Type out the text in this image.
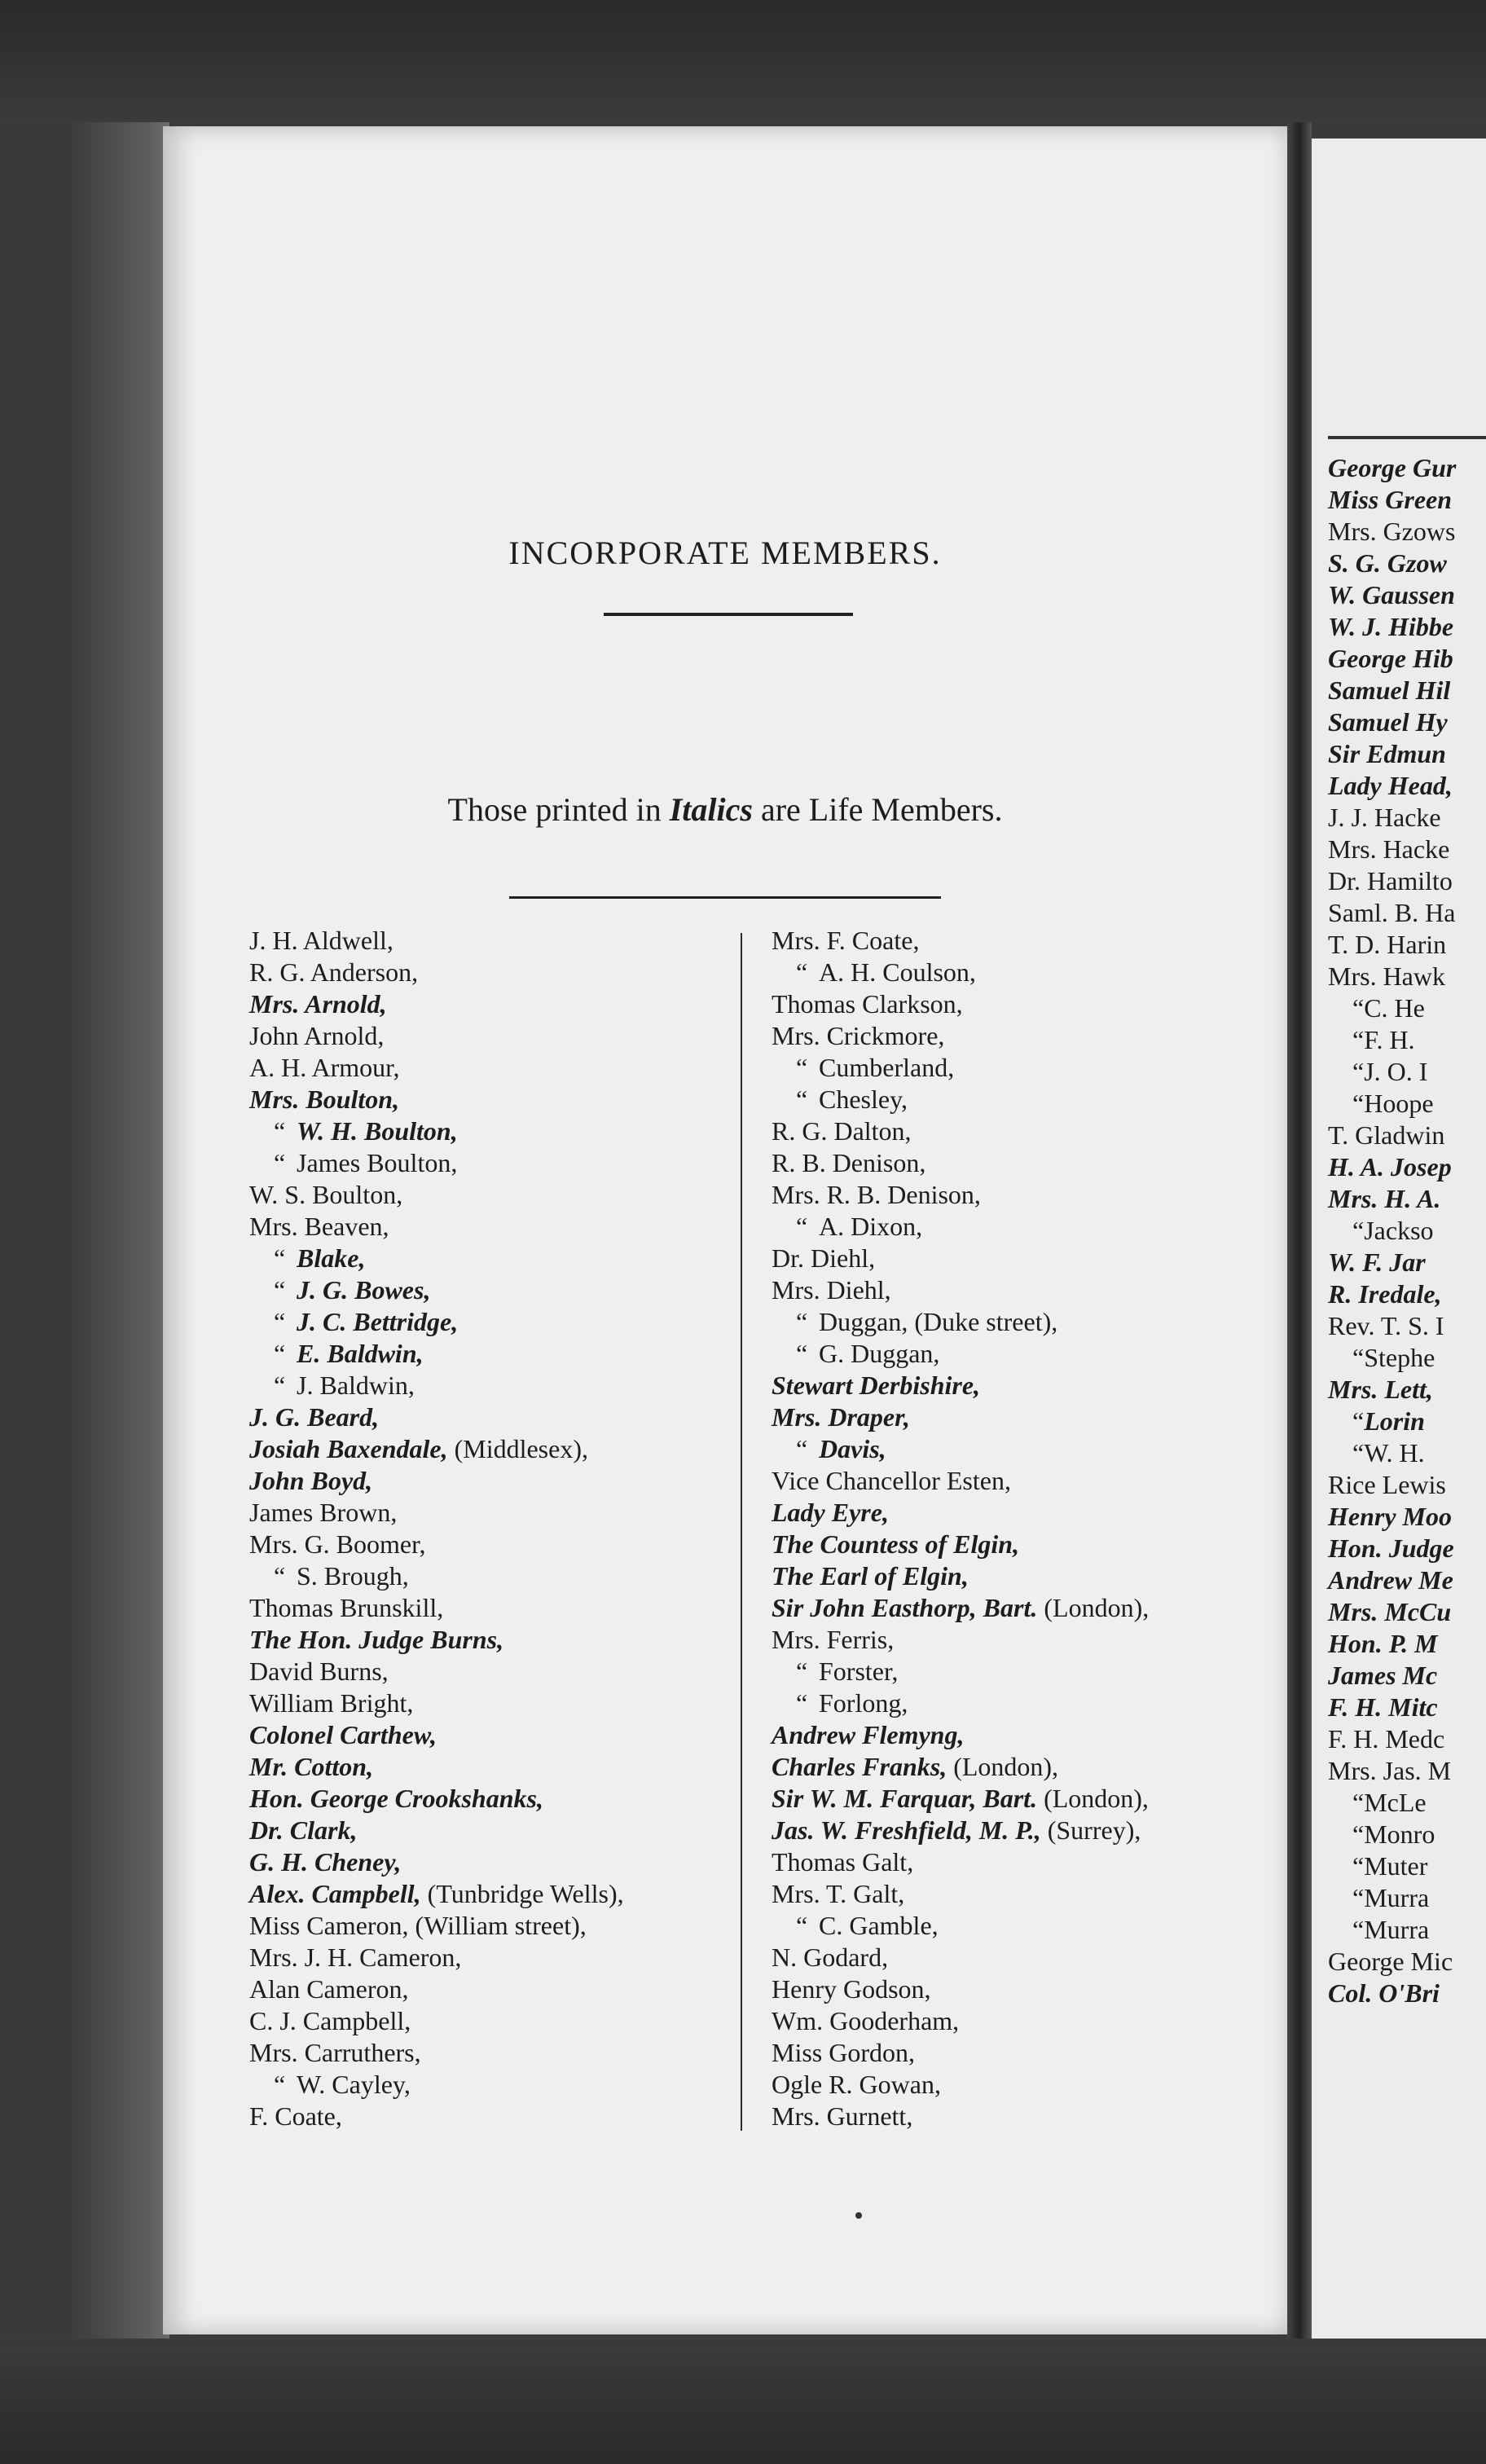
INCORPORATE MEMBERS.
Those printed in Italics are Life Members.
J. H. Aldwell,
R. G. Anderson,
Mrs. Arnold,
John Arnold,
A. H. Armour,
Mrs. Boulton,
“ W. H. Boulton,
“ James Boulton,
W. S. Boulton,
Mrs. Beaven,
“ Blake,
“ J. G. Bowes,
“ J. C. Bettridge,
“ E. Baldwin,
“ J. Baldwin,
J. G. Beard,
Josiah Baxendale, (Middlesex),
John Boyd,
James Brown,
Mrs. G. Boomer,
“ S. Brough,
Thomas Brunskill,
The Hon. Judge Burns,
David Burns,
William Bright,
Colonel Carthew,
Mr. Cotton,
Hon. George Crookshanks,
Dr. Clark,
G. H. Cheney,
Alex. Campbell, (Tunbridge Wells),
Miss Cameron, (William street),
Mrs. J. H. Cameron,
Alan Cameron,
C. J. Campbell,
Mrs. Carruthers,
“ W. Cayley,
F. Coate,
Mrs. F. Coate,
“ A. H. Coulson,
Thomas Clarkson,
Mrs. Crickmore,
“ Cumberland,
“ Chesley,
R. G. Dalton,
R. B. Denison,
Mrs. R. B. Denison,
“ A. Dixon,
Dr. Diehl,
Mrs. Diehl,
“ Duggan, (Duke street),
“ G. Duggan,
Stewart Derbishire,
Mrs. Draper,
“ Davis,
Vice Chancellor Esten,
Lady Eyre,
The Countess of Elgin,
The Earl of Elgin,
Sir John Easthorp, Bart. (London),
Mrs. Ferris,
“ Forster,
“ Forlong,
Andrew Flemyng,
Charles Franks, (London),
Sir W. M. Farquar, Bart. (London),
Jas. W. Freshfield, M. P., (Surrey),
Thomas Galt,
Mrs. T. Galt,
“ C. Gamble,
N. Godard,
Henry Godson,
Wm. Gooderham,
Miss Gordon,
Ogle R. Gowan,
Mrs. Gurnett,
George Gur
Miss Green
Mrs. Gzows
S. G. Gzow
W. Gaussen
W. J. Hibbe
George Hib
Samuel Hil
Samuel Hy
Sir Edmun
Lady Head,
J. J. Hacke
Mrs. Hacke
Dr. Hamilto
Saml. B. Ha
T. D. Harin
Mrs. Hawk
“C. He
“F. H.
“J. O. I
“Hoope
T. Gladwin
H. A. Josep
Mrs. H. A.
“Jackso
W. F. Jar
R. Iredale,
Rev. T. S. I
“Stephe
Mrs. Lett,
“Lorin
“W. H.
Rice Lewis
Henry Moo
Hon. Judge
Andrew Me
Mrs. McCu
Hon. P. M
James Mc
F. H. Mitc
F. H. Medc
Mrs. Jas. M
“McLe
“Monro
“Muter
“Murra
“Murra
George Mic
Col. O'Bri
